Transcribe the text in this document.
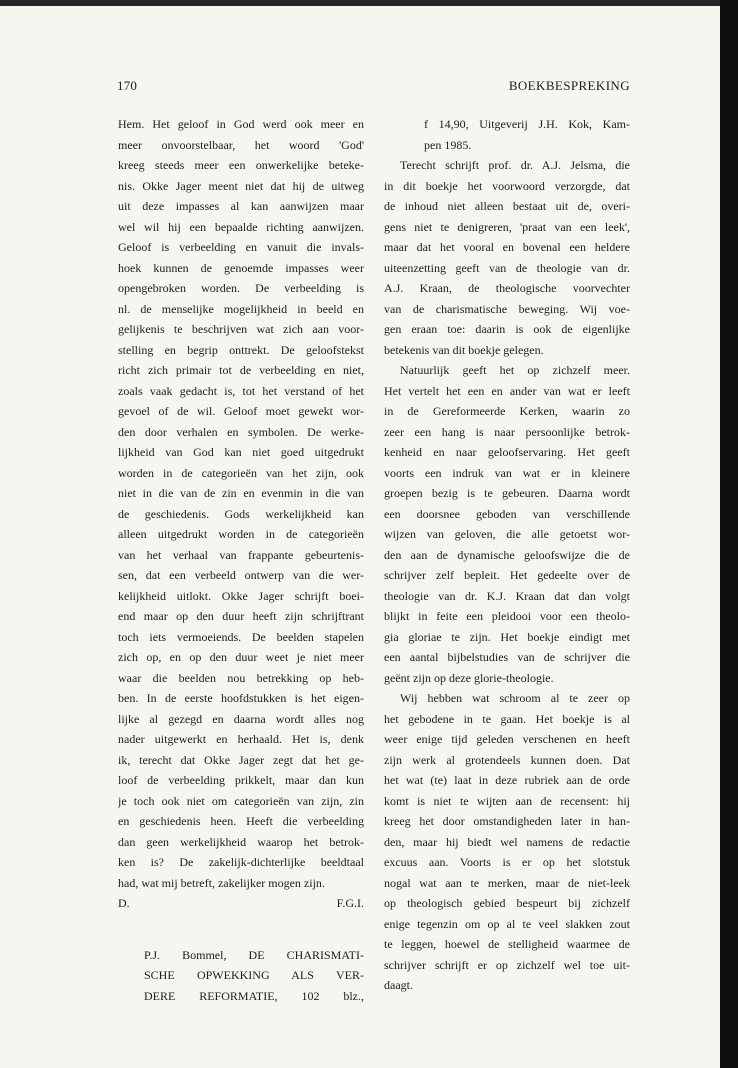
170	BOEKBESPREKING
Hem. Het geloof in God werd ook meer en
meer onvoorstelbaar, het woord 'God'
kreeg steeds meer een onwerkelijke beteke-
nis. Okke Jager meent niet dat hij de uitweg
uit deze impasses al kan aanwijzen maar
wel wil hij een bepaalde richting aanwijzen.
Geloof is verbeelding en vanuit die invals-
hoek kunnen de genoemde impasses weer
opengebroken worden. De verbeelding is
nl. de menselijke mogelijkheid in beeld en
gelijkenis te beschrijven wat zich aan voor-
stelling en begrip onttrekt. De geloofstekst
richt zich primair tot de verbeelding en niet,
zoals vaak gedacht is, tot het verstand of het
gevoel of de wil. Geloof moet gewekt wor-
den door verhalen en symbolen. De werke-
lijkheid van God kan niet goed uitgedrukt
worden in de categorieën van het zijn, ook
niet in die van de zin en evenmin in die van
de geschiedenis. Gods werkelijkheid kan
alleen uitgedrukt worden in de categorieën
van het verhaal van frappante gebeurtenis-
sen, dat een verbeeld ontwerp van die wer-
kelijkheid uitlokt. Okke Jager schrijft boei-
end maar op den duur heeft zijn schrijftrant
toch iets vermoeiends. De beelden stapelen
zich op, en op den duur weet je niet meer
waar die beelden nou betrekking op heb-
ben. In de eerste hoofdstukken is het eigen-
lijke al gezegd en daarna wordt alles nog
nader uitgewerkt en herhaald. Het is, denk
ik, terecht dat Okke Jager zegt dat het ge-
loof de verbeelding prikkelt, maar dan kun
je toch ook niet om categorieën van zijn, zin
en geschiedenis heen. Heeft die verbeelding
dan geen werkelijkheid waarop het betrok-
ken is? De zakelijk-dichterlijke beeldtaal
had, wat mij betreft, zakelijker mogen zijn.
D. F.G.I.
P.J. Bommel, DE CHARISMATI-
SCHE OPWEKKING ALS VER-
DERE REFORMATIE, 102 blz.,
f 14,90, Uitgeverij J.H. Kok, Kam-
pen 1985.
Terecht schrijft prof. dr. A.J. Jelsma, die
in dit boekje het voorwoord verzorgde, dat
de inhoud niet alleen bestaat uit de, overi-
gens niet te denigreren, 'praat van een leek',
maar dat het vooral en bovenal een heldere
uiteenzetting geeft van de theologie van dr.
A.J. Kraan, de theologische voorvechter
van de charismatische beweging. Wij voe-
gen eraan toe: daarin is ook de eigenlijke
betekenis van dit boekje gelegen.
Natuurlijk geeft het op zichzelf meer.
Het vertelt het een en ander van wat er leeft
in de Gereformeerde Kerken, waarin zo
zeer een hang is naar persoonlijke betrok-
kenheid en naar geloofservaring. Het geeft
voorts een indruk van wat er in kleinere
groepen bezig is te gebeuren. Daarna wordt
een doorsnee geboden van verschillende
wijzen van geloven, die alle getoetst wor-
den aan de dynamische geloofswijze die de
schrijver zelf bepleit. Het gedeelte over de
theologie van dr. K.J. Kraan dat dan volgt
blijkt in feite een pleidooi voor een theolo-
gia gloriae te zijn. Het boekje eindigt met
een aantal bijbelstudies van de schrijver die
geënt zijn op deze glorie-theologie.
Wij hebben wat schroom al te zeer op
het gebodene in te gaan. Het boekje is al
weer enige tijd geleden verschenen en heeft
zijn werk al grotendeels kunnen doen. Dat
het wat (te) laat in deze rubriek aan de orde
komt is niet te wijten aan de recensent: hij
kreeg het door omstandigheden later in han-
den, maar hij biedt wel namens de redactie
excuus aan. Voorts is er op het slotstuk
nogal wat aan te merken, maar de niet-leek
op theologisch gebied bespeurt bij zichzelf
enige tegenzin om op al te veel slakken zout
te leggen, hoewel de stelligheid waarmee de
schrijver schrijft er op zichzelf wel toe uit-
daagt.
